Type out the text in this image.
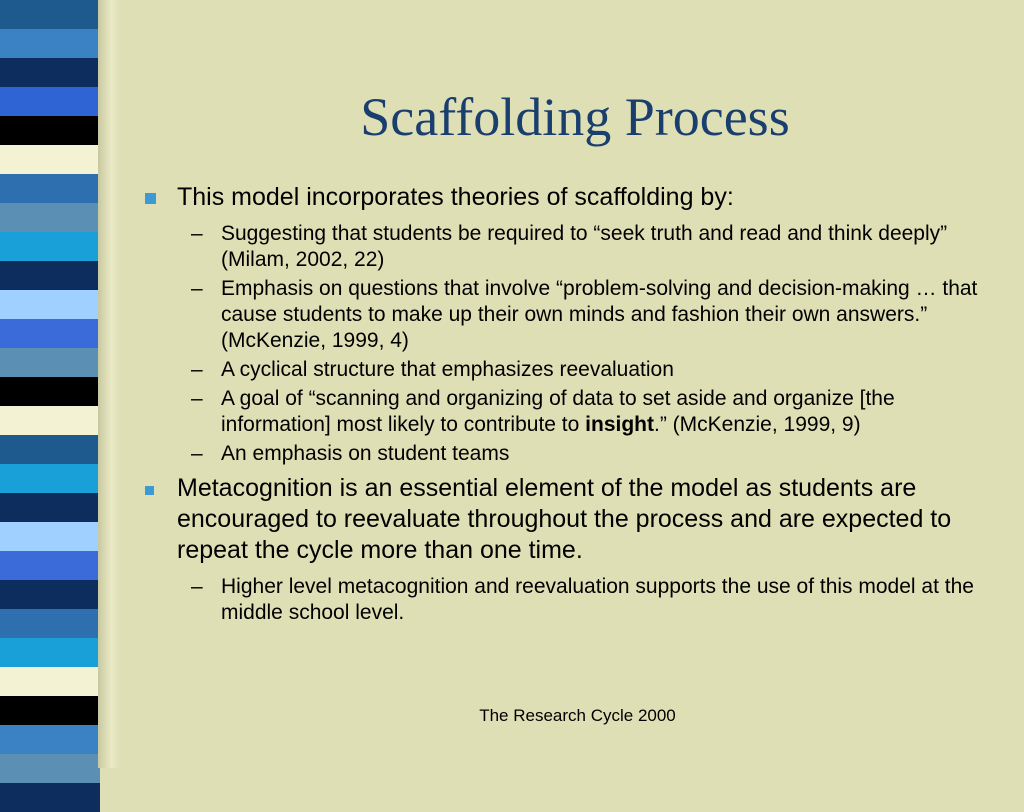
Scaffolding Process
This model incorporates theories of scaffolding by:
– Suggesting that students be required to “seek truth and read and think deeply” (Milam, 2002, 22)
– Emphasis on questions that involve “problem-solving and decision-making … that cause students to make up their own minds and fashion their own answers.” (McKenzie, 1999, 4)
– A cyclical structure that emphasizes reevaluation
– A goal of “scanning and organizing of data to set aside and organize [the information] most likely to contribute to insight.” (McKenzie, 1999, 9)
– An emphasis on student teams
Metacognition is an essential element of the model as students are encouraged to reevaluate throughout the process and are expected to repeat the cycle more than one time.
– Higher level metacognition and reevaluation supports the use of this model at the middle school level.
The Research Cycle 2000
